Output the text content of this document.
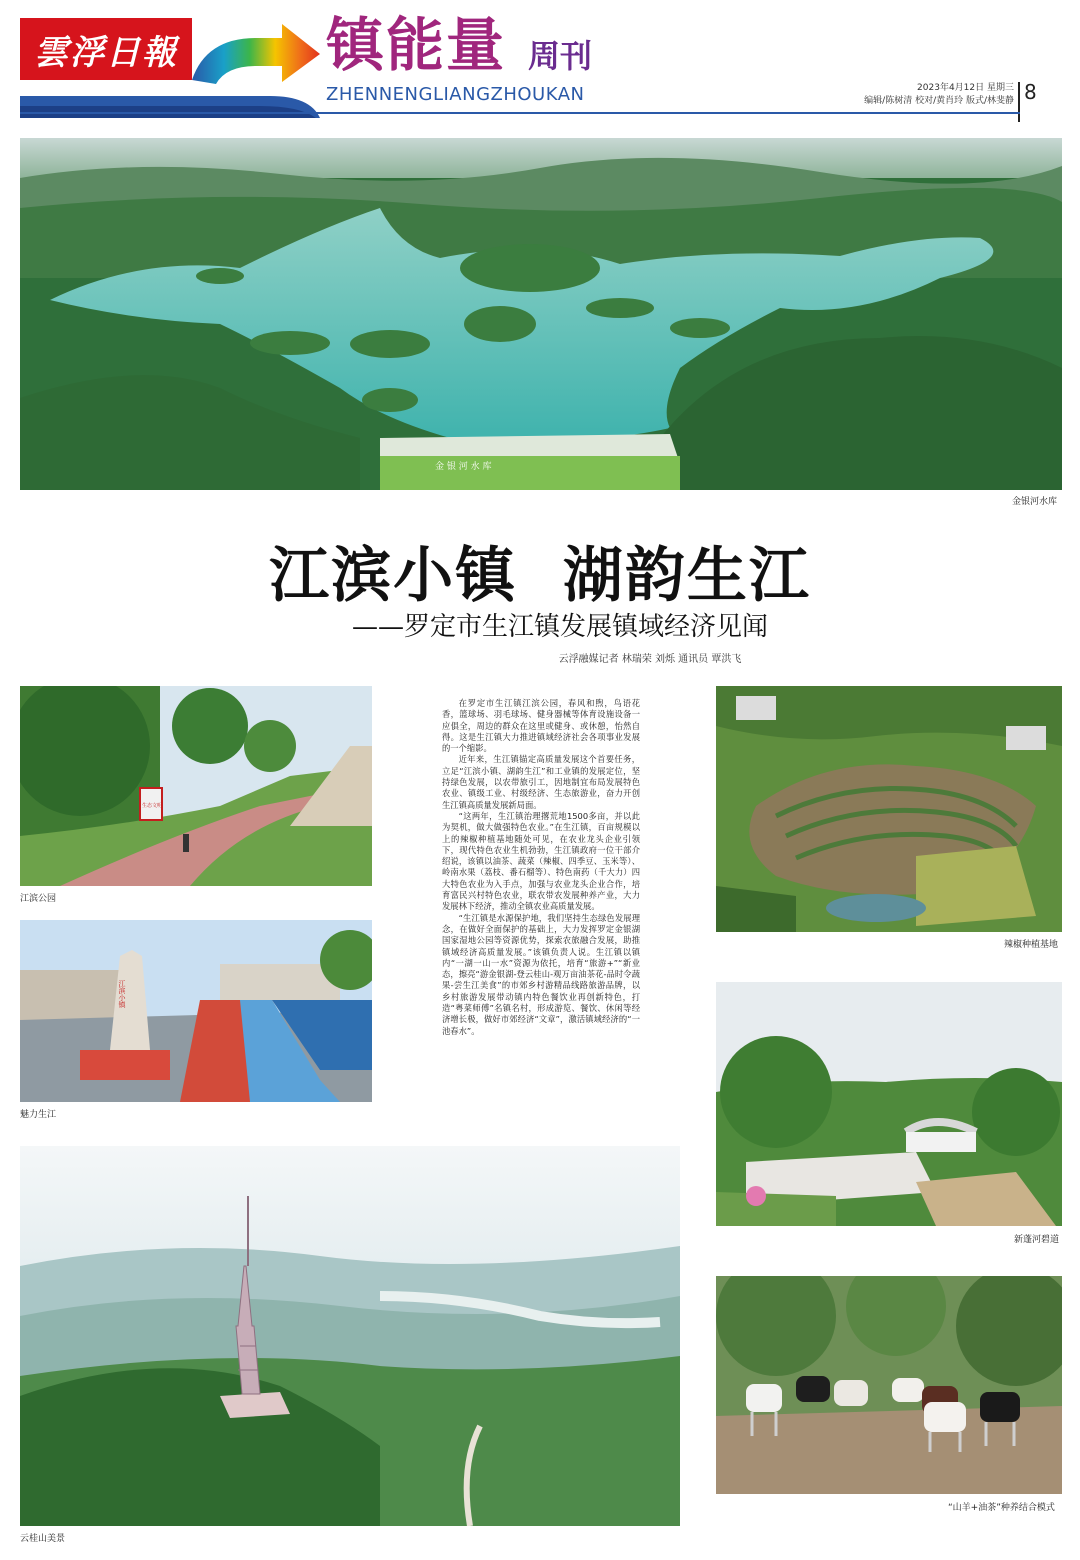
雲浮日報	镇能量 周刊
ZHENNENGLIANGZHOUKAN	2023年4月12日 星期三
编辑/陈树清 校对/黄肖玲 版式/林斐静 8
金 银 河 水 库
金银河水库
江滨小镇  湖韵生江
——罗定市生江镇发展镇域经济见闻
云浮融媒记者 林瑞荣 刘烁 通讯员 覃洪飞
生态文明
江滨公园
江滨小镇
魅力生江

在罗定市生江镇江滨公园，春风和煦，鸟语花香，篮球场、羽毛球场、健身器械等体育设施设备一应俱全，周边的群众在这里或健身、或休憩，怡然自得。这是生江镇大力推进镇域经济社会各项事业发展的一个缩影。

近年来，生江镇锚定高质量发展这个首要任务，立足“江滨小镇、湖韵生江”和工业镇的发展定位，坚持绿色发展，以农带旅引工，因地制宜布局发展特色农业、镇级工业、村级经济、生态旅游业，奋力开创生江镇高质量发展新局面。

“这两年，生江镇治理撂荒地1500多亩，并以此为契机，做大做强特色农业。”在生江镇，百亩规模以上的辣椒种植基地随处可见，在农业龙头企业引领下，现代特色农业生机勃勃，生江镇政府一位干部介绍说，该镇以油茶、蔬菜（辣椒、四季豆、玉米等）、岭南水果（荔枝、番石榴等）、特色南药（千大力）四大特色农业为入手点，加强与农业龙头企业合作，培育富民兴村特色农业，联农带农发展种养产业，大力发展林下经济，推动全镇农业高质量发展。

“生江镇是水源保护地，我们坚持生态绿色发展理念，在做好全面保护的基础上，大力发挥罗定金银湖国家湿地公园等资源优势，探索农旅融合发展，助推镇域经济高质量发展。”该镇负责人说。生江镇以镇内“一湖一山一水”资源为依托，培育“旅游+”“新业态，擦亮“游金银湖-登云桂山-观万亩油茶花-品时令蔬果-尝生江美食”的市郊乡村游精品线路旅游品牌，以乡村旅游发展带动镇内特色餐饮业再创新特色，打造“粤菜师傅”名镇名村，形成游览、餐饮、休闲等经济增长极，做好市郊经济“文章”，激活镇域经济的“一池春水”。

辣椒种植基地
新蓬河碧道
云桂山美景
“山羊+油茶”种养结合模式
